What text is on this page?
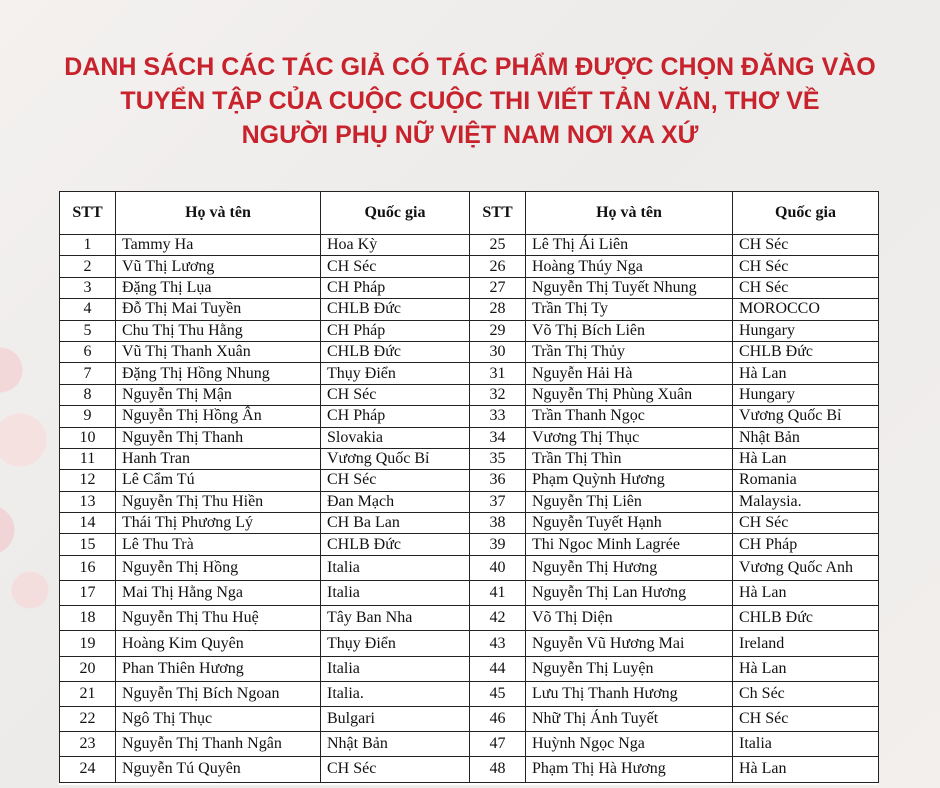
DANH SÁCH CÁC TÁC GIẢ CÓ TÁC PHẨM ĐƯỢC CHỌN ĐĂNG VÀO
TUYỂN TẬP CỦA CUỘC CUỘC THI VIẾT TẢN VĂN, THƠ VỀ
NGƯỜI PHỤ NỮ VIỆT NAM NƠI XA XỨ
STT	Họ và tên	Quốc gia	STT	Họ và tên	Quốc gia
1	Tammy Ha	Hoa Kỳ	25	Lê Thị Ái Liên	CH Séc
2	Vũ Thị Lương	CH Séc	26	Hoàng Thúy Nga	CH Séc
3	Đặng Thị Lụa	CH Pháp	27	Nguyễn Thị Tuyết Nhung	CH Séc
4	Đỗ Thị Mai Tuyền	CHLB Đức	28	Trần Thị Ty	MOROCCO
5	Chu Thị Thu Hằng	CH Pháp	29	Võ Thị Bích Liên	Hungary
6	Vũ Thị Thanh Xuân	CHLB Đức	30	Trần Thị Thủy	CHLB Đức
7	Đặng Thị Hồng Nhung	Thụy Điển	31	Nguyễn Hải Hà	Hà Lan
8	Nguyễn Thị Mận	CH Séc	32	Nguyễn Thị Phùng Xuân	Hungary
9	Nguyễn Thị Hồng Ân	CH Pháp	33	Trần Thanh Ngọc	Vương Quốc Bỉ
10	Nguyễn Thị Thanh	Slovakia	34	Vương Thị Thục	Nhật Bản
11	Hanh Tran	Vương Quốc Bỉ	35	Trần Thị Thìn	Hà Lan
12	Lê Cẩm Tú	CH Séc	36	Phạm Quỳnh Hương	Romania
13	Nguyễn Thị Thu Hiền	Đan Mạch	37	Nguyễn Thị Liên	Malaysia.
14	Thái Thị Phương Lý	CH Ba Lan	38	Nguyễn Tuyết Hạnh	CH Séc
15	Lê Thu Trà	CHLB Đức	39	Thi Ngoc Minh Lagrée	CH Pháp
16	Nguyễn Thị Hồng	Italia	40	Nguyễn Thị Hương	Vương Quốc Anh
17	Mai Thị Hằng Nga	Italia	41	Nguyễn Thị Lan Hương	Hà Lan
18	Nguyễn Thị Thu Huệ	Tây Ban Nha	42	Võ Thị Diện	CHLB Đức
19	Hoàng Kim Quyên	Thụy Điển	43	Nguyễn Vũ Hương Mai	Ireland
20	Phan Thiên Hương	Italia	44	Nguyễn Thị Luyện	Hà Lan
21	Nguyễn Thị Bích Ngoan	Italia.	45	Lưu Thị Thanh Hương	Ch Séc
22	Ngô Thị Thục	Bulgari	46	Nhữ Thị Ánh Tuyết	CH Séc
23	Nguyễn Thị Thanh Ngân	Nhật Bản	47	Huỳnh Ngọc Nga	Italia
24	Nguyễn Tú Quyên	CH Séc	48	Phạm Thị Hà Hương	Hà Lan
